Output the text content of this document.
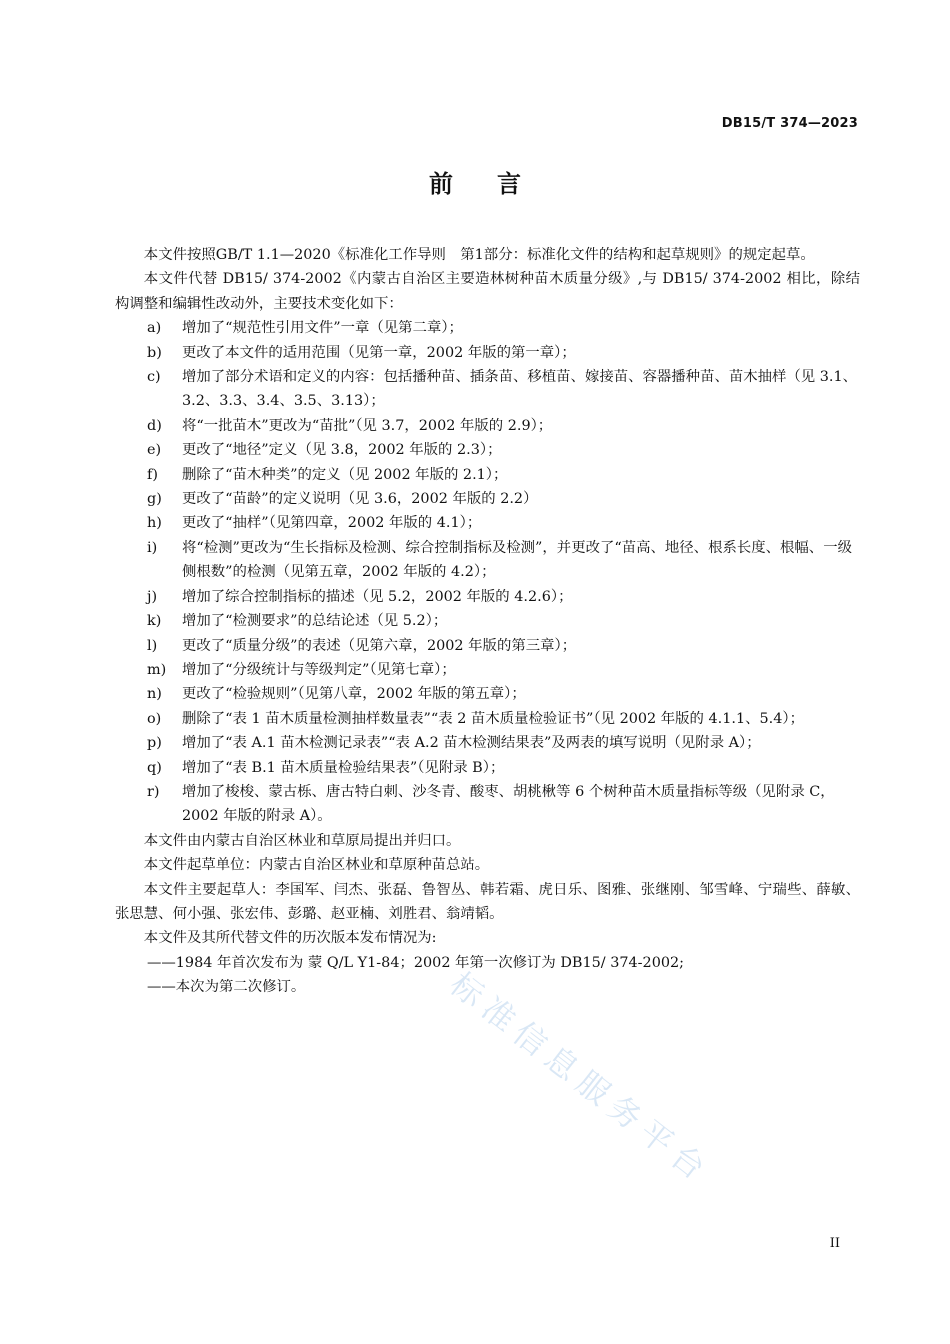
DB15/T 374—2023
前言

本文件按照GB/T 1.1—2020《标准化工作导则　第1部分：标准化文件的结构和起草规则》的规定起草。

本文件代替 DB15/ 374-2002《内蒙古自治区主要造林树种苗木质量分级》,与 DB15/ 374-2002 相比，除结构调整和编辑性改动外，主要技术变化如下：

a) 增加了“规范性引用文件”一章（见第二章）；
b) 更改了本文件的适用范围（见第一章，2002 年版的第一章）；
c) 增加了部分术语和定义的内容：包括播种苗、插条苗、移植苗、嫁接苗、容器播种苗、苗木抽样（见 3.1、3.2、3.3、3.4、3.5、3.13）；
d) 将“一批苗木”更改为“苗批”（见 3.7，2002 年版的 2.9）；
e) 更改了“地径”定义（见 3.8，2002 年版的 2.3）；
f) 删除了“苗木种类”的定义（见 2002 年版的 2.1）；
g) 更改了“苗龄”的定义说明（见 3.6，2002 年版的 2.2）
h) 更改了“抽样”（见第四章，2002 年版的 4.1）；
i) 将“检测”更改为“生长指标及检测、综合控制指标及检测”，并更改了“苗高、地径、根系长度、根幅、一级侧根数”的检测（见第五章，2002 年版的 4.2）；
j) 增加了综合控制指标的描述（见 5.2，2002 年版的 4.2.6）；
k) 增加了“检测要求”的总结论述（见 5.2）；
l) 更改了“质量分级”的表述（见第六章，2002 年版的第三章）；
m) 增加了“分级统计与等级判定”（见第七章）；
n) 更改了“检验规则”（见第八章，2002 年版的第五章）；
o) 删除了“表 1 苗木质量检测抽样数量表”“表 2 苗木质量检验证书”（见 2002 年版的 4.1.1、5.4）；
p) 增加了“表 A.1 苗木检测记录表”“表 A.2 苗木检测结果表”及两表的填写说明（见附录 A）；
q) 增加了“表 B.1 苗木质量检验结果表”（见附录 B）；
r) 增加了梭梭、蒙古栎、唐古特白刺、沙冬青、酸枣、胡桃楸等 6 个树种苗木质量指标等级（见附录 C，2002 年版的附录 A）。

本文件由内蒙古自治区林业和草原局提出并归口。

本文件起草单位：内蒙古自治区林业和草原种苗总站。

本文件主要起草人：李国军、闫杰、张磊、鲁智丛、韩若霜、虎日乐、图雅、张继刚、邹雪峰、宁瑞些、薛敏、张思慧、何小强、张宏伟、彭璐、赵亚楠、刘胜君、翁靖韬。

本文件及其所代替文件的历次版本发布情况为:

——1984 年首次发布为 蒙 Q/L Y1-84；2002 年第一次修订为 DB15/ 374-2002;

——本次为第二次修订。	标准信息服务平台
II
